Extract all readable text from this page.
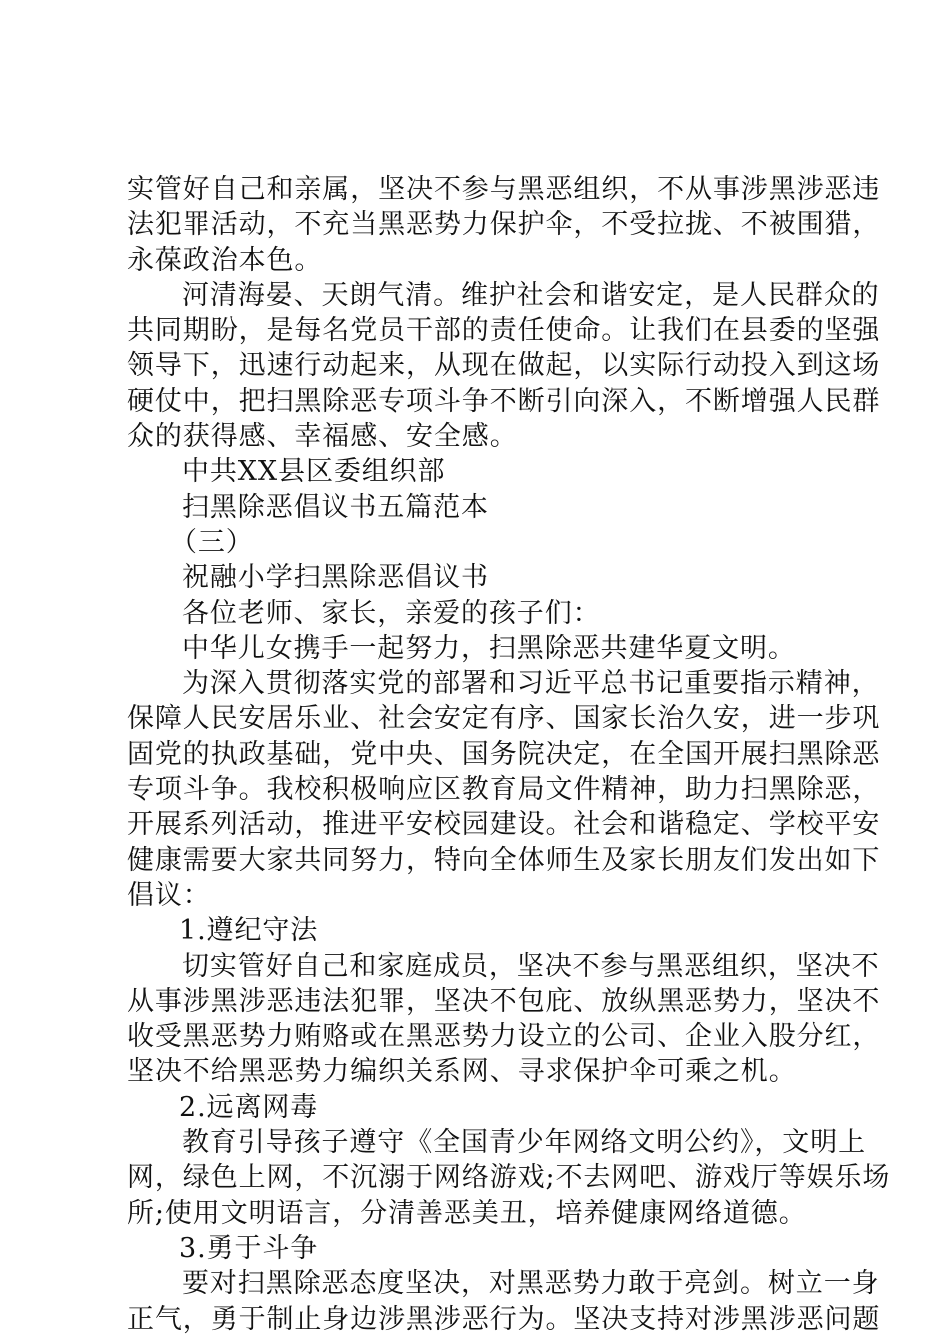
实管好自己和亲属，坚决不参与黑恶组织，不从事涉黑涉恶违
法犯罪活动，不充当黑恶势力保护伞，不受拉拢、不被围猎，
永葆政治本色。
河清海晏、天朗气清。维护社会和谐安定，是人民群众的
共同期盼，是每名党员干部的责任使命。让我们在县委的坚强
领导下，迅速行动起来，从现在做起，以实际行动投入到这场
硬仗中，把扫黑除恶专项斗争不断引向深入，不断增强人民群
众的获得感、幸福感、安全感。
中共XX县区委组织部
扫黑除恶倡议书五篇范本
（三）
祝融小学扫黑除恶倡议书
各位老师、家长，亲爱的孩子们：
中华儿女携手一起努力，扫黑除恶共建华夏文明。
为深入贯彻落实党的部署和习近平总书记重要指示精神，
保障人民安居乐业、社会安定有序、国家长治久安，进一步巩
固党的执政基础，党中央、国务院决定，在全国开展扫黑除恶
专项斗争。我校积极响应区教育局文件精神，助力扫黑除恶，
开展系列活动，推进平安校园建设。社会和谐稳定、学校平安
健康需要大家共同努力，特向全体师生及家长朋友们发出如下
倡议：
1.遵纪守法
切实管好自己和家庭成员，坚决不参与黑恶组织，坚决不
从事涉黑涉恶违法犯罪，坚决不包庇、放纵黑恶势力，坚决不
收受黑恶势力贿赂或在黑恶势力设立的公司、企业入股分红，
坚决不给黑恶势力编织关系网、寻求保护伞可乘之机。
2.远离网毒
教育引导孩子遵守《全国青少年网络文明公约》，文明上
网，绿色上网，不沉溺于网络游戏;不去网吧、游戏厅等娱乐场
所;使用文明语言，分清善恶美丑，培养健康网络道德。
3.勇于斗争
要对扫黑除恶态度坚决，对黑恶势力敢于亮剑。树立一身
正气，勇于制止身边涉黑涉恶行为。坚决支持对涉黑涉恶问题
